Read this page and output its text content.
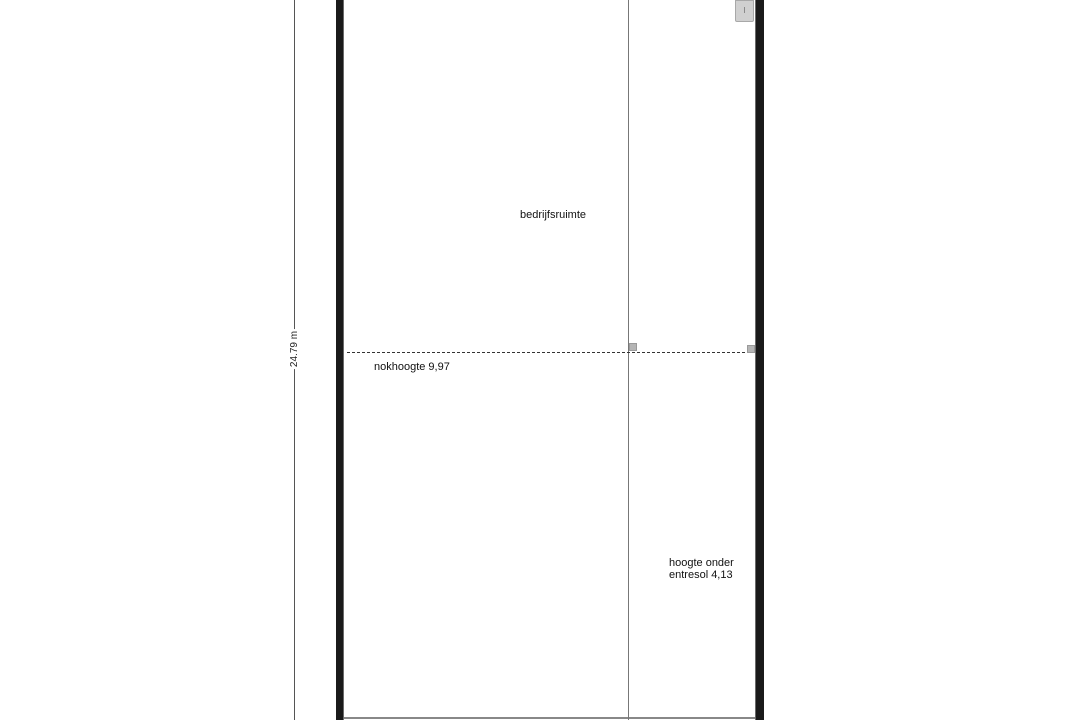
24.79 m
bedrijfsruimte
nokhoogte 9,97
hoogte onder
entresol 4,13
